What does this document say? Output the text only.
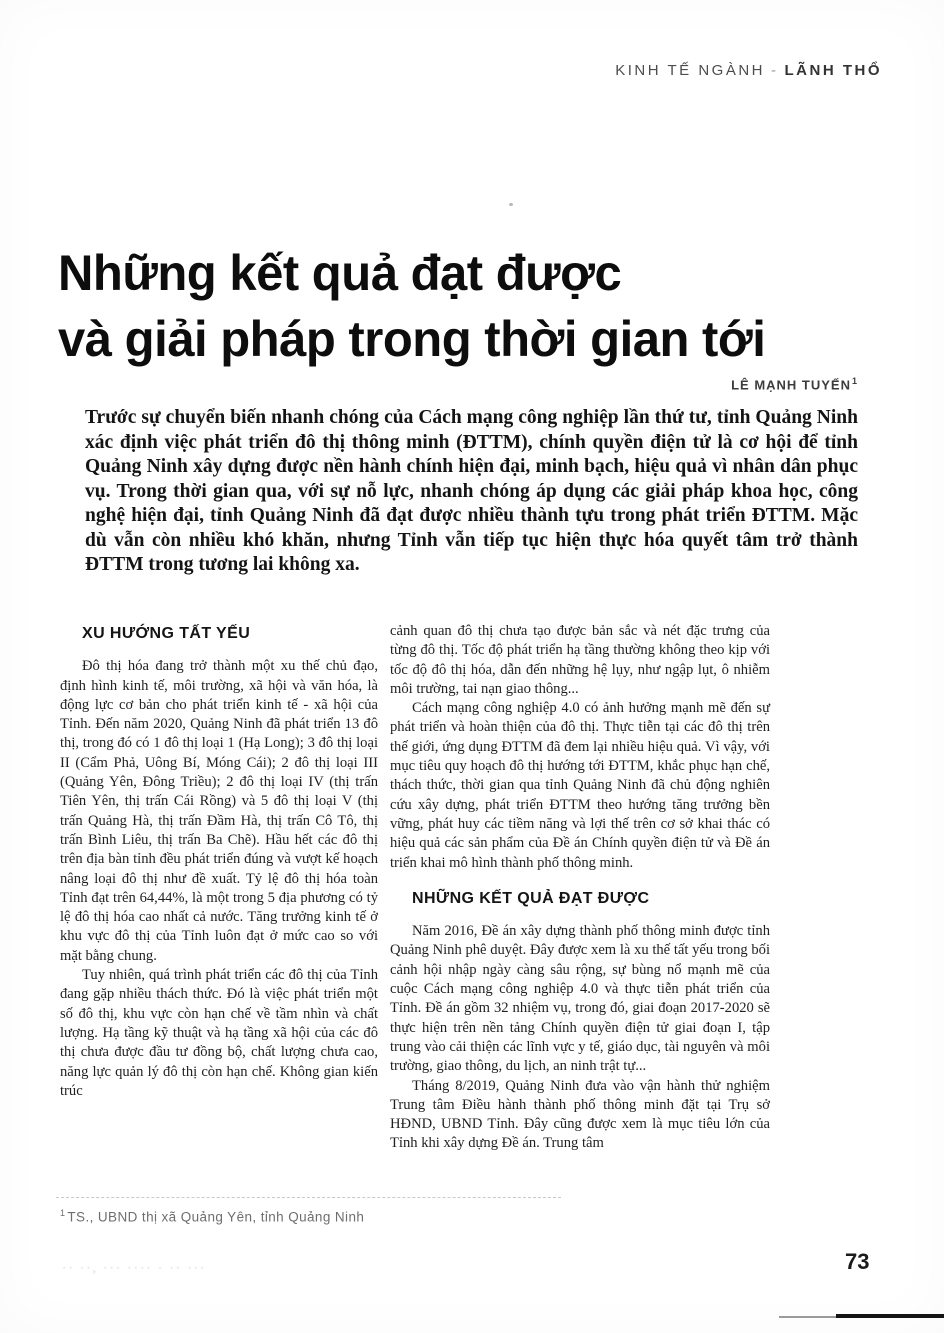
KINH TẾ NGÀNH - LÃNH THỔ
Những kết quả đạt được
và giải pháp trong thời gian tới
LÊ MẠNH TUYẾN$^1$

Trước sự chuyển biến nhanh chóng của Cách mạng công nghiệp lần thứ tư, tỉnh Quảng Ninh xác định việc phát triển đô thị thông minh (ĐTTM), chính quyền điện tử là cơ hội để tỉnh Quảng Ninh xây dựng được nền hành chính hiện đại, minh bạch, hiệu quả vì nhân dân phục vụ. Trong thời gian qua, với sự nỗ lực, nhanh chóng áp dụng các giải pháp khoa học, công nghệ hiện đại, tỉnh Quảng Ninh đã đạt được nhiều thành tựu trong phát triển ĐTTM. Mặc dù vẫn còn nhiều khó khăn, nhưng Tỉnh vẫn tiếp tục hiện thực hóa quyết tâm trở thành ĐTTM trong tương lai không xa.

XU HƯỚNG TẤT YẾU

Đô thị hóa đang trở thành một xu thế chủ đạo, định hình kinh tế, môi trường, xã hội và văn hóa, là động lực cơ bản cho phát triển kinh tế - xã hội của Tỉnh. Đến năm 2020, Quảng Ninh đã phát triển 13 đô thị, trong đó có 1 đô thị loại 1 (Hạ Long); 3 đô thị loại II (Cẩm Phả, Uông Bí, Móng Cái); 2 đô thị loại III (Quảng Yên, Đông Triều); 2 đô thị loại IV (thị trấn Tiên Yên, thị trấn Cái Rồng) và 5 đô thị loại V (thị trấn Quảng Hà, thị trấn Đầm Hà, thị trấn Cô Tô, thị trấn Bình Liêu, thị trấn Ba Chẽ). Hầu hết các đô thị trên địa bàn tỉnh đều phát triển đúng và vượt kế hoạch nâng loại đô thị như đề xuất. Tỷ lệ đô thị hóa toàn Tỉnh đạt trên 64,44%, là một trong 5 địa phương có tỷ lệ đô thị hóa cao nhất cả nước. Tăng trưởng kinh tế ở khu vực đô thị của Tỉnh luôn đạt ở mức cao so với mặt bằng chung.

Tuy nhiên, quá trình phát triển các đô thị của Tỉnh đang gặp nhiều thách thức. Đó là việc phát triển một số đô thị, khu vực còn hạn chế về tầm nhìn và chất lượng. Hạ tầng kỹ thuật và hạ tầng xã hội của các đô thị chưa được đầu tư đồng bộ, chất lượng chưa cao, năng lực quản lý đô thị còn hạn chế. Không gian kiến trúc

cảnh quan đô thị chưa tạo được bản sắc và nét đặc trưng của từng đô thị. Tốc độ phát triển hạ tầng thường không theo kịp với tốc độ đô thị hóa, dẫn đến những hệ lụy, như ngập lụt, ô nhiễm môi trường, tai nạn giao thông...

Cách mạng công nghiệp 4.0 có ảnh hưởng mạnh mẽ đến sự phát triển và hoàn thiện của đô thị. Thực tiễn tại các đô thị trên thế giới, ứng dụng ĐTTM đã đem lại nhiều hiệu quả. Vì vậy, với mục tiêu quy hoạch đô thị hướng tới ĐTTM, khắc phục hạn chế, thách thức, thời gian qua tỉnh Quảng Ninh đã chủ động nghiên cứu xây dựng, phát triển ĐTTM theo hướng tăng trưởng bền vững, phát huy các tiềm năng và lợi thế trên cơ sở khai thác có hiệu quả các sản phẩm của Đề án Chính quyền điện tử và Đề án triển khai mô hình thành phố thông minh.

NHỮNG KẾT QUẢ ĐẠT ĐƯỢC

Năm 2016, Đề án xây dựng thành phố thông minh được tỉnh Quảng Ninh phê duyệt. Đây được xem là xu thế tất yếu trong bối cảnh hội nhập ngày càng sâu rộng, sự bùng nổ mạnh mẽ của cuộc Cách mạng công nghiệp 4.0 và thực tiễn phát triển của Tỉnh. Đề án gồm 32 nhiệm vụ, trong đó, giai đoạn 2017-2020 sẽ thực hiện trên nền tảng Chính quyền điện tử giai đoạn I, tập trung vào cải thiện các lĩnh vực y tế, giáo dục, tài nguyên và môi trường, giao thông, du lịch, an ninh trật tự...

Tháng 8/2019, Quảng Ninh đưa vào vận hành thử nghiệm Trung tâm Điều hành thành phố thông minh đặt tại Trụ sở HĐND, UBND Tỉnh. Đây cũng được xem là mục tiêu lớn của Tỉnh khi xây dựng Đề án. Trung tâm

$^1$ TS., UBND thị xã Quảng Yên, tỉnh Quảng Ninh
·· ··, ··· ···· · ·· ···	73
